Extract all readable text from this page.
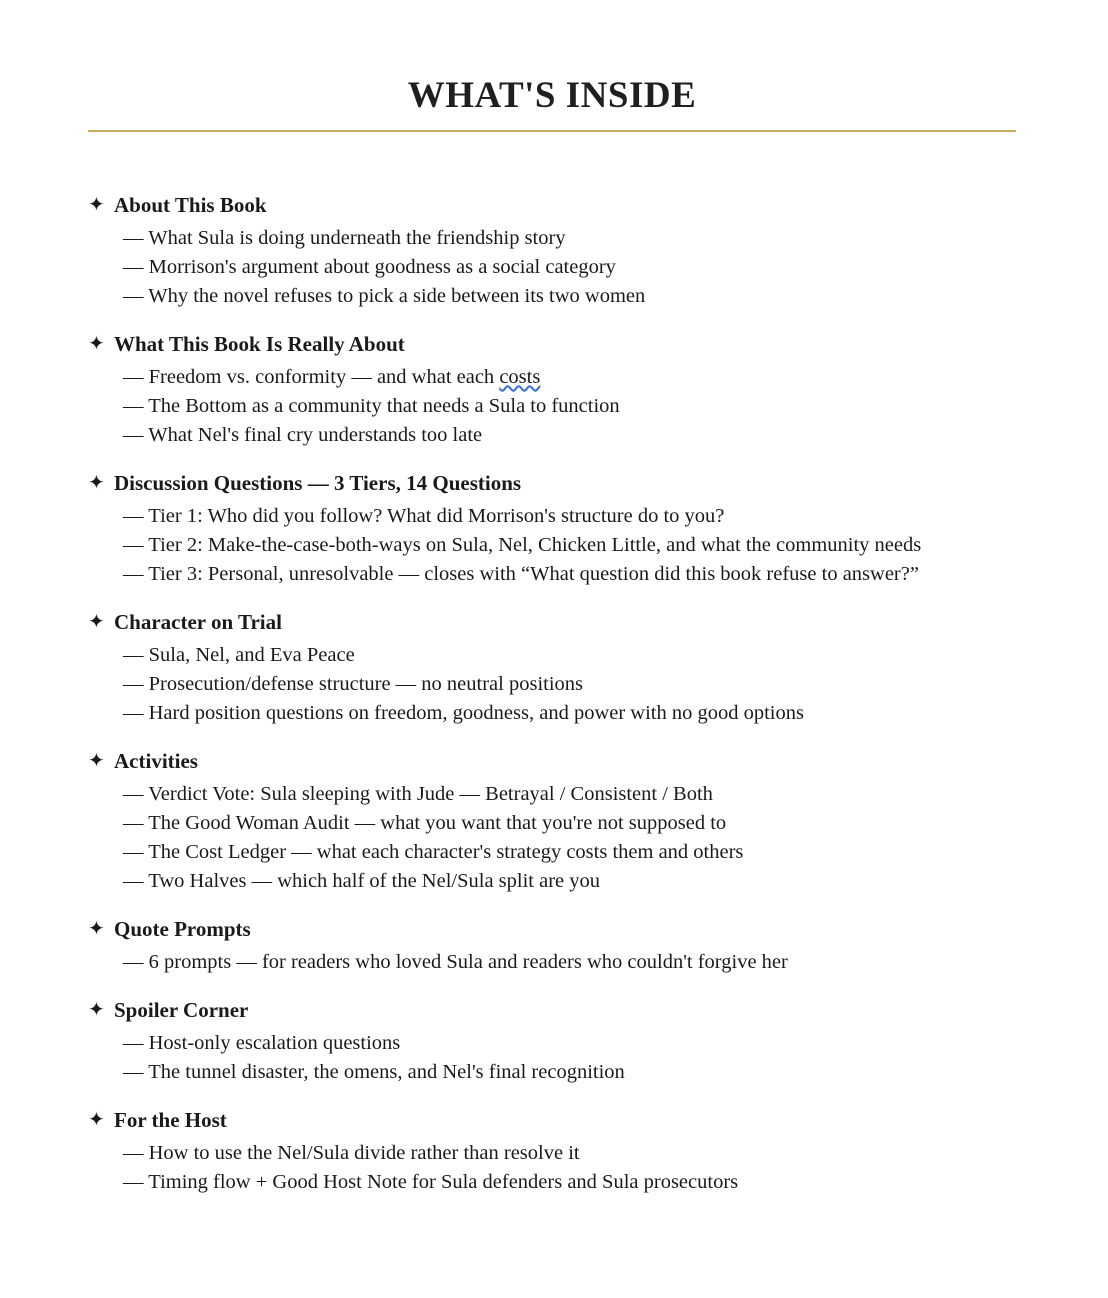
WHAT'S INSIDE
✦ About This Book
— What Sula is doing underneath the friendship story
— Morrison's argument about goodness as a social category
— Why the novel refuses to pick a side between its two women
✦ What This Book Is Really About
— Freedom vs. conformity — and what each costs
— The Bottom as a community that needs a Sula to function
— What Nel's final cry understands too late
✦ Discussion Questions — 3 Tiers, 14 Questions
— Tier 1: Who did you follow? What did Morrison's structure do to you?
— Tier 2: Make-the-case-both-ways on Sula, Nel, Chicken Little, and what the community needs
— Tier 3: Personal, unresolvable — closes with “What question did this book refuse to answer?”
✦ Character on Trial
— Sula, Nel, and Eva Peace
— Prosecution/defense structure — no neutral positions
— Hard position questions on freedom, goodness, and power with no good options
✦ Activities
— Verdict Vote: Sula sleeping with Jude — Betrayal / Consistent / Both
— The Good Woman Audit — what you want that you're not supposed to
— The Cost Ledger — what each character's strategy costs them and others
— Two Halves — which half of the Nel/Sula split are you
✦ Quote Prompts
— 6 prompts — for readers who loved Sula and readers who couldn't forgive her
✦ Spoiler Corner
— Host-only escalation questions
— The tunnel disaster, the omens, and Nel's final recognition
✦ For the Host
— How to use the Nel/Sula divide rather than resolve it
— Timing flow + Good Host Note for Sula defenders and Sula prosecutors
